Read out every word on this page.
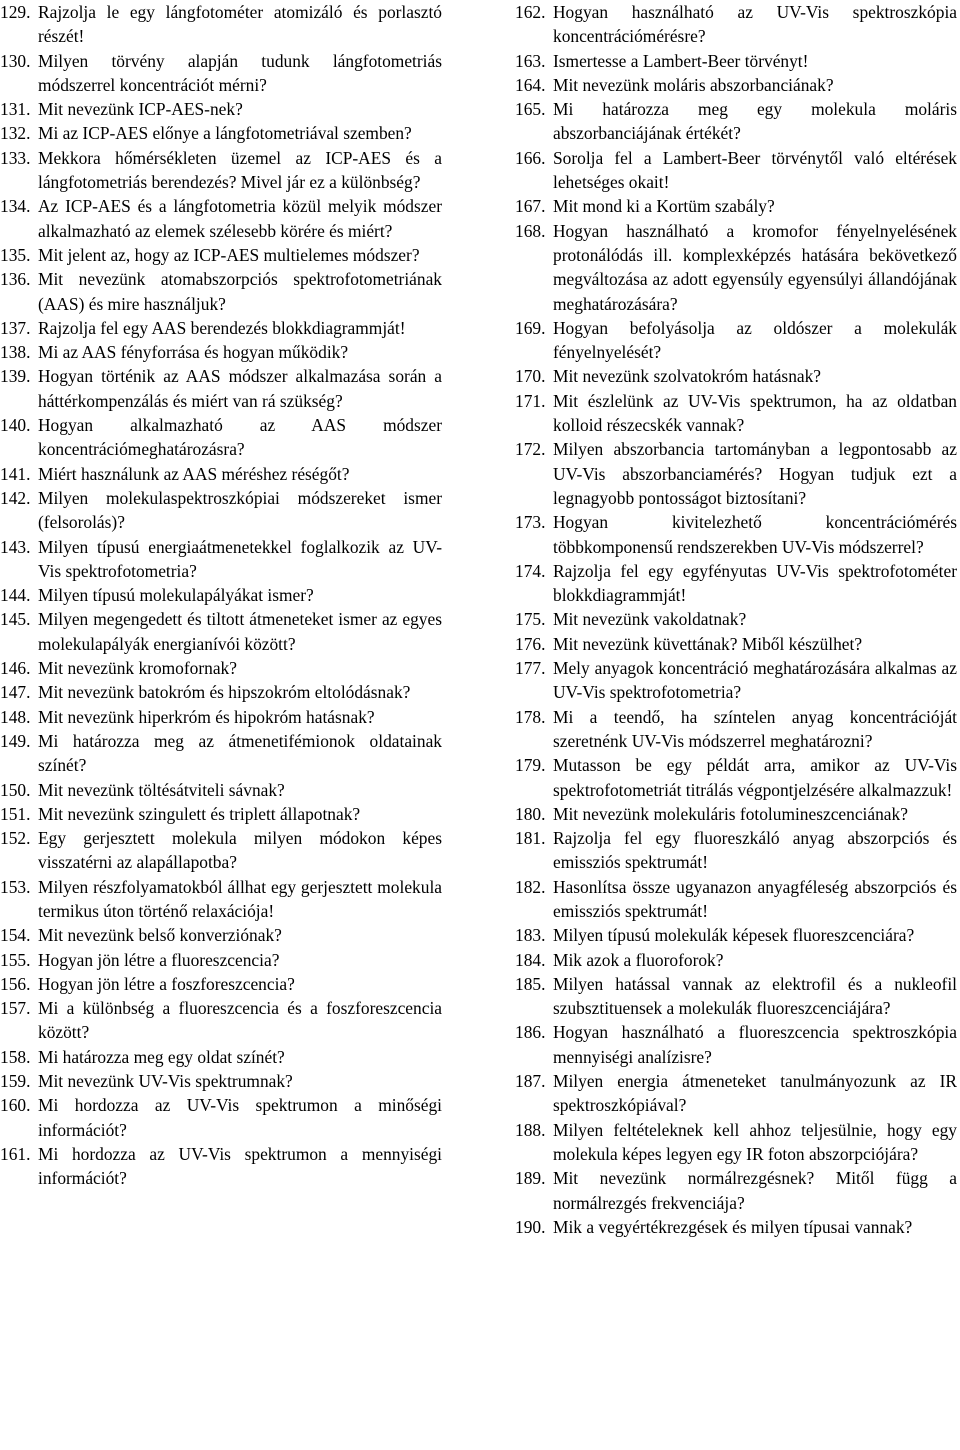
129. Rajzolja le egy lángfotométer atomizáló és porlasztó részét!
130. Milyen törvény alapján tudunk lángfotometriás módszerrel koncentrációt mérni?
131. Mit nevezünk ICP-AES-nek?
132. Mi az ICP-AES előnye a lángfotometriával szemben?
133. Mekkora hőmérsékleten üzemel az ICP-AES és a lángfotometriás berendezés? Mivel jár ez a különbség?
134. Az ICP-AES és a lángfotometria közül melyik módszer alkalmazható az elemek szélesebb körére és miért?
135. Mit jelent az, hogy az ICP-AES multielemes módszer?
136. Mit nevezünk atomabszorpciós spektrofotometriának (AAS) és mire használjuk?
137. Rajzolja fel egy AAS berendezés blokkdiagrammját!
138. Mi az AAS fényforrása és hogyan működik?
139. Hogyan történik az AAS módszer alkalmazása során a háttérkompenzálás és miért van rá szükség?
140. Hogyan alkalmazható az AAS módszer koncentrációmeghatározásra?
141. Miért használunk az AAS méréshez réségőt?
142. Milyen molekulaspektroszkópiai módszereket ismer (felsorolás)?
143. Milyen típusú energiaátmenetekkel foglalkozik az UV-Vis spektrofotometria?
144. Milyen típusú molekulapályákat ismer?
145. Milyen megengedett és tiltott átmeneteket ismer az egyes molekulapályák energianívói között?
146. Mit nevezünk kromofornak?
147. Mit nevezünk batokróm és hipszokróm eltolódásnak?
148. Mit nevezünk hiperkróm és hipokróm hatásnak?
149. Mi határozza meg az átmenetifémionok oldatainak színét?
150. Mit nevezünk töltésátviteli sávnak?
151. Mit nevezünk szingulett és triplett állapotnak?
152. Egy gerjesztett molekula milyen módokon képes visszatérni az alapállapotba?
153. Milyen részfolyamatokból állhat egy gerjesztett molekula termikus úton történő relaxációja!
154. Mit nevezünk belső konverziónak?
155. Hogyan jön létre a fluoreszcencia?
156. Hogyan jön létre a foszforeszcencia?
157. Mi a különbség a fluoreszcencia és a foszforeszcencia között?
158. Mi határozza meg egy oldat színét?
159. Mit nevezünk UV-Vis spektrumnak?
160. Mi hordozza az UV-Vis spektrumon a minőségi információt?
161. Mi hordozza az UV-Vis spektrumon a mennyiségi információt?
162. Hogyan használható az UV-Vis spektroszkópia koncentrációmérésre?
163. Ismertesse a Lambert-Beer törvényt!
164. Mit nevezünk moláris abszorbanciának?
165. Mi határozza meg egy molekula moláris abszorbanciájának értékét?
166. Sorolja fel a Lambert-Beer törvénytől való eltérések lehetséges okait!
167. Mit mond ki a Kortüm szabály?
168. Hogyan használható a kromofor fényelnyelésének protonálódás ill. komplexképzés hatására bekövetkező megváltozása az adott egyensúly egyensúlyi állandójának meghatározására?
169. Hogyan befolyásolja az oldószer a molekulák fényelnyelését?
170. Mit nevezünk szolvatokróm hatásnak?
171. Mit észlelünk az UV-Vis spektrumon, ha az oldatban kolloid részecskék vannak?
172. Milyen abszorbancia tartományban a legpontosabb az UV-Vis abszorbanciamérés? Hogyan tudjuk ezt a legnagyobb pontosságot biztosítani?
173. Hogyan kivitelezhető koncentrációmérés többkomponensű rendszerekben UV-Vis módszerrel?
174. Rajzolja fel egy egyfényutas UV-Vis spektrofotométer blokkdiagrammját!
175. Mit nevezünk vakoldatnak?
176. Mit nevezünk küvettának? Miből készülhet?
177. Mely anyagok koncentráció meghatározására alkalmas az UV-Vis spektrofotometria?
178. Mi a teendő, ha színtelen anyag koncentrációját szeretnénk UV-Vis módszerrel meghatározni?
179. Mutasson be egy példát arra, amikor az UV-Vis spektrofotometriát titrálás végpontjelzésére alkalmazzuk!
180. Mit nevezünk molekuláris fotolumineszcenciának?
181. Rajzolja fel egy fluoreszkáló anyag abszorpciós és emissziós spektrumát!
182. Hasonlítsa össze ugyanazon anyagféleség abszorpciós és emissziós spektrumát!
183. Milyen típusú molekulák képesek fluoreszcenciára?
184. Mik azok a fluoroforok?
185. Milyen hatással vannak az elektrofil és a nukleofil szubsztituensek a molekulák fluoreszcenciájára?
186. Hogyan használható a fluoreszcencia spektroszkópia mennyiségi analízisre?
187. Milyen energia átmeneteket tanulmányozunk az IR spektroszkópiával?
188. Milyen feltételeknek kell ahhoz teljesülnie, hogy egy molekula képes legyen egy IR foton abszorpciójára?
189. Mit nevezünk normálrezgésnek? Mitől függ a normálrezgés frekvenciája?
190. Mik a vegyértékrezgések és milyen típusai vannak?
